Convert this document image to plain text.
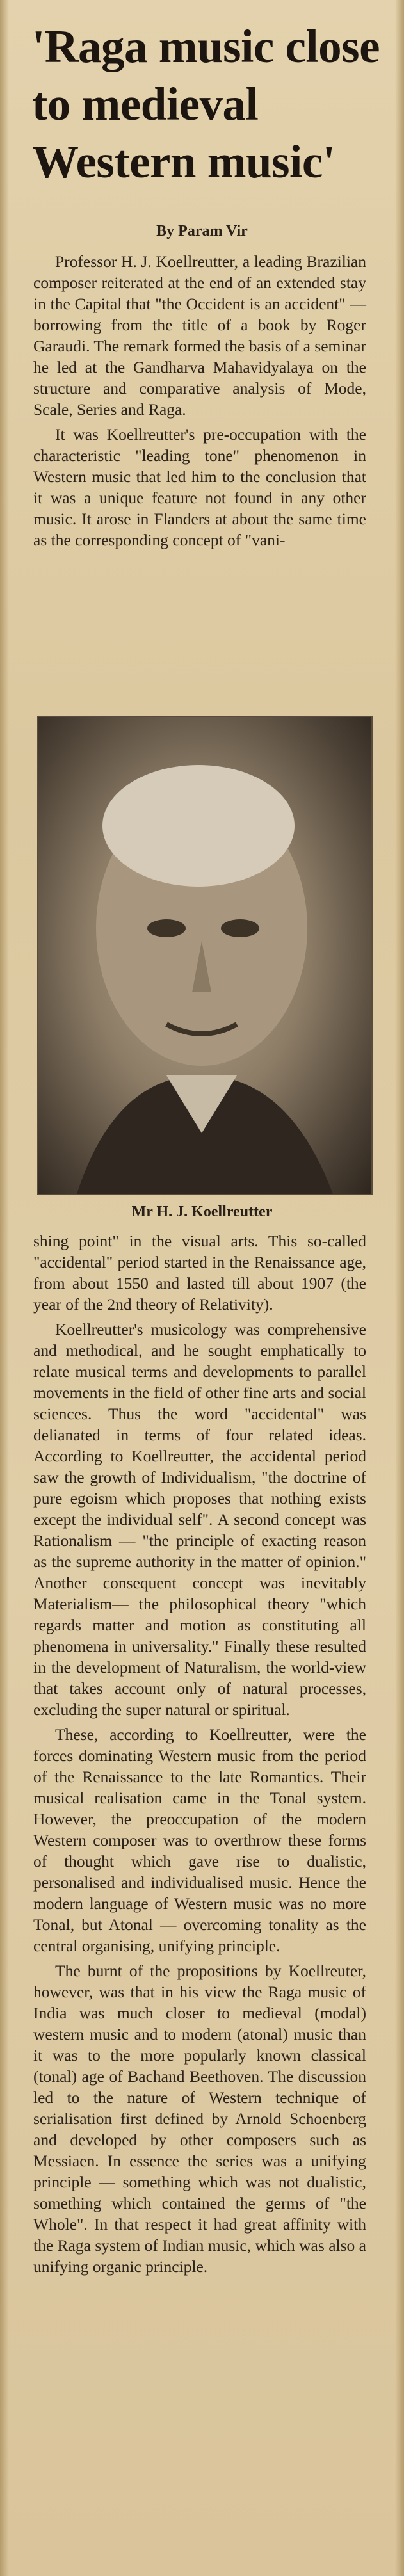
'Raga music close
to medieval
Western music'
By Param Vir

Professor H. J. Koellreutter, a leading Brazilian composer reiterated at the end of an extended stay in the Capital that "the Occident is an accident" — borrowing from the title of a book by Roger Garaudi. The remark formed the basis of a seminar he led at the Gandharva Mahavidyalaya on the structure and comparative analysis of Mode, Scale, Series and Raga.

It was Koellreutter's pre-occupation with the characteristic "leading tone" phenomenon in Western music that led him to the conclusion that it was a unique feature not found in any other music. It arose in Flanders at about the same time as the corresponding concept of "vani-

Mr H. J. Koellreutter

shing point" in the visual arts. This so-called "accidental" period started in the Renaissance age, from about 1550 and lasted till about 1907 (the year of the 2nd theory of Relativity).

Koellreutter's musicology was comprehensive and methodical, and he sought emphatically to relate musical terms and developments to parallel movements in the field of other fine arts and social sciences. Thus the word "accidental" was delianated in terms of four related ideas. According to Koellreutter, the accidental period saw the growth of Individualism, "the doctrine of pure egoism which proposes that nothing exists except the individual self". A second concept was Rationalism — "the principle of exacting reason as the supreme authority in the matter of opinion." Another consequent concept was inevitably Materialism— the philosophical theory "which regards matter and motion as constituting all phenomena in universality." Finally these resulted in the development of Naturalism, the world-view that takes account only of natural processes, excluding the super natural or spiritual.

These, according to Koellreutter, were the forces dominating Western music from the period of the Renaissance to the late Romantics. Their musical realisation came in the Tonal system. However, the preoccupation of the modern Western composer was to overthrow these forms of thought which gave rise to dualistic, personalised and individualised music. Hence the modern language of Western music was no more Tonal, but Atonal — overcoming tonality as the central organising, unifying principle.

The burnt of the propositions by Koellreuter, however, was that in his view the Raga music of India was much closer to medieval (modal) western music and to modern (atonal) music than it was to the more popularly known classical (tonal) age of Bachand Beethoven. The discussion led to the nature of Western technique of serialisation first defined by Arnold Schoenberg and developed by other composers such as Messiaen. In essence the series was a unifying principle — something which was not dualistic, something which contained the germs of "the Whole". In that respect it had great affinity with the Raga system of Indian music, which was also a unifying organic principle.
